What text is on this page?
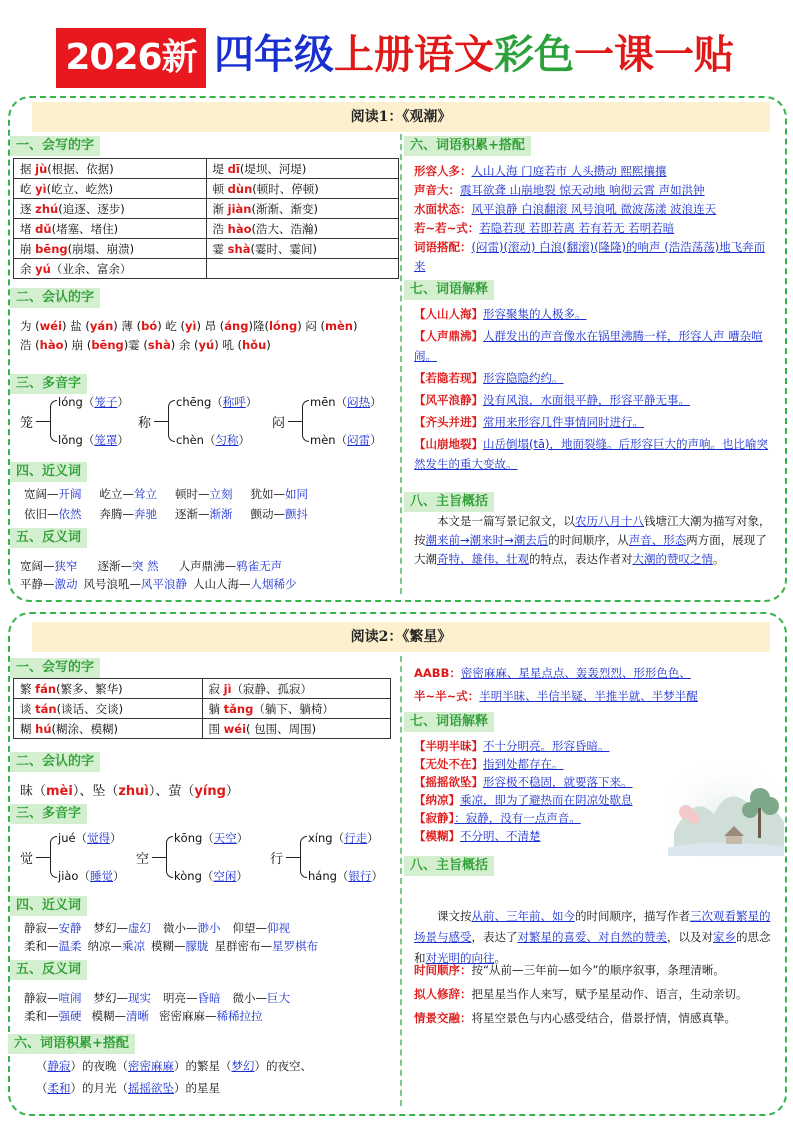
2026新 四年级上册语文彩色一课一贴
阅读1：《观潮》
一、会写的字
据 jù(根据、依据)	堤 dī(堤坝、河堤)
屹 yì(屹立、屹然)	顿 dùn(顿时、停顿)
逐 zhú(追逐、逐步)	渐 jiàn(渐渐、渐变)
堵 dǔ(堵塞、堵住)	浩 hào(浩大、浩瀚)
崩 bēng(崩塌、崩溃)	霎 shà(霎时、霎间)
余 yú（业余、富余）	
二、会认的字
为 (wéi) 盐 (yán) 薄 (bó) 屹 (yì) 昂 (áng)隆(lóng) 闷 (mèn)
浩 (hào) 崩 (bēng)霎 (shà) 余 (yú) 吼 (hǒu)
三、多音字
笼
lóng（笼子）
lǒng（笼罩）
称
chēng（称呼）
chèn（匀称）
闷
mēn（闷热）
mèn（闷雷）
四、近义词
宽阔—开阔 屹立—耸立 顿时—立刻 犹如—如同
依旧—依然 奔腾—奔驰 逐渐—渐渐 颤动—颤抖
五、反义词
宽阔—狭窄 逐渐—突 然 人声鼎沸—鸦雀无声
平静—激动 风号浪吼—风平浪静 人山人海—人烟稀少
六、词语积累+搭配
形容人多：人山人海 门庭若市 人头攒动 熙熙攘攘
声音大：震耳欲聋 山崩地裂 惊天动地 响彻云霄 声如洪钟
水面状态：风平浪静 白浪翻滚 风号浪吼 微波荡漾 波浪连天
若~若~式：若隐若现 若即若离 若有若无 若明若暗
词语搭配：(闷雷)(滚动) 白浪(翻滚)(隆隆)的响声 (浩浩荡荡)地飞奔而来
七、词语解释
【人山人海】形容聚集的人极多。
【人声鼎沸】人群发出的声音像水在锅里沸腾一样，形容人声 嘈杂喧闹。
【若隐若现】形容隐隐约约。
【风平浪静】没有风浪，水面很平静，形容平静无事。
【齐头并进】常用来形容几件事情同时进行。
【山崩地裂】山岳倒塌(tā)，地面裂缝。后形容巨大的声响。也比喻突然发生的重大变故。
八、主旨概括
本文是一篇写景记叙文，以农历八月十八钱塘江大潮为描写对象，按潮来前→潮来时→潮去后的时间顺序，从声音、形态两方面，展现了大潮奇特、雄伟、壮观的特点，表达作者对大潮的赞叹之情。
阅读2：《繁星》
一、会写的字
繁 fán(繁多、繁华)	寂 jì（寂静、孤寂）
谈 tán(谈话、交谈)	躺 tǎng（躺下、躺椅）
糊 hú(糊涂、模糊)	围 wéi( 包围、周围)
二、会认的字
昧（mèi）、坠（zhuì）、萤（yíng）
三、多音字
觉
jué（觉得）
jiào（睡觉）
空
kōng（天空）
kòng（空闲）
行
xíng（行走）
háng（银行）
四、近义词
静寂—安静 梦幻—虚幻 微小—渺小 仰望—仰视
柔和—温柔 纳凉—乘凉 模糊—朦胧 星群密布—星罗棋布
五、反义词
静寂—喧闹 梦幻—现实 明亮—昏暗 微小—巨大
柔和—强硬 模糊—清晰 密密麻麻—稀稀拉拉
六、词语积累+搭配
（静寂）的夜晚（密密麻麻）的繁星（梦幻）的夜空、
（柔和）的月光（摇摇欲坠）的星星
AABB：密密麻麻、星星点点、轰轰烈烈、形形色色、
半~半~式：半明半昧、半信半疑、半推半就、半梦半醒
七、词语解释
【半明半昧】不十分明亮。形容昏暗。
【无处不在】指到处都存在。
【摇摇欲坠】形容极不稳固，就要落下来。
【纳凉】乘凉，即为了避热而在阴凉处歇息
【寂静】：寂静，没有一点声音。
【模糊】不分明、不清楚
八、主旨概括
课文按从前、三年前、如今的时间顺序，描写作者三次观看繁星的场景与感受，表达了对繁星的喜爱、对自然的赞美，以及对家乡的思念和对光明的向往。
时间顺序：按“从前—三年前—如今”的顺序叙事，条理清晰。
拟人修辞：把星星当作人来写，赋予星星动作、语言，生动亲切。
情景交融：将星空景色与内心感受结合，借景抒情，情感真挚。
